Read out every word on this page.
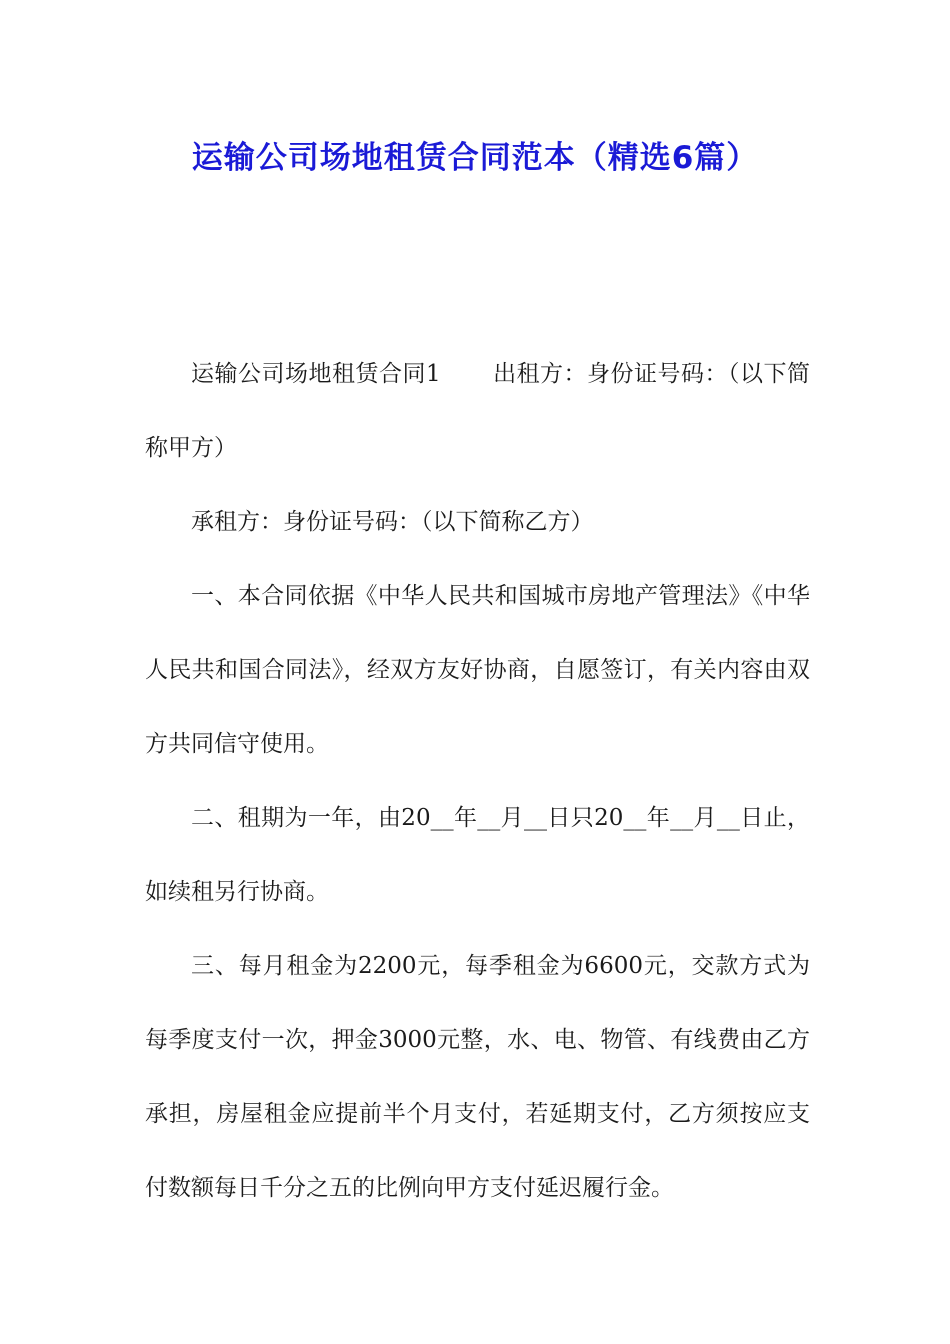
运输公司场地租赁合同范本（精选6篇）

运输公司场地租赁合同1 出租方：身份证号码：（以下简称甲方）

承租方：身份证号码：（以下简称乙方）

一、本合同依据《中华人民共和国城市房地产管理法》《中华人民共和国合同法》，经双方友好协商，自愿签订，有关内容由双方共同信守使用。

二、租期为一年，由20__年__月__日只20__年__月__日止，如续租另行协商。

三、每月租金为2200元，每季租金为6600元，交款方式为每季度支付一次，押金3000元整，水、电、物管、有线费由乙方承担，房屋租金应提前半个月支付，若延期支付，乙方须按应支付数额每日千分之五的比例向甲方支付延迟履行金。
